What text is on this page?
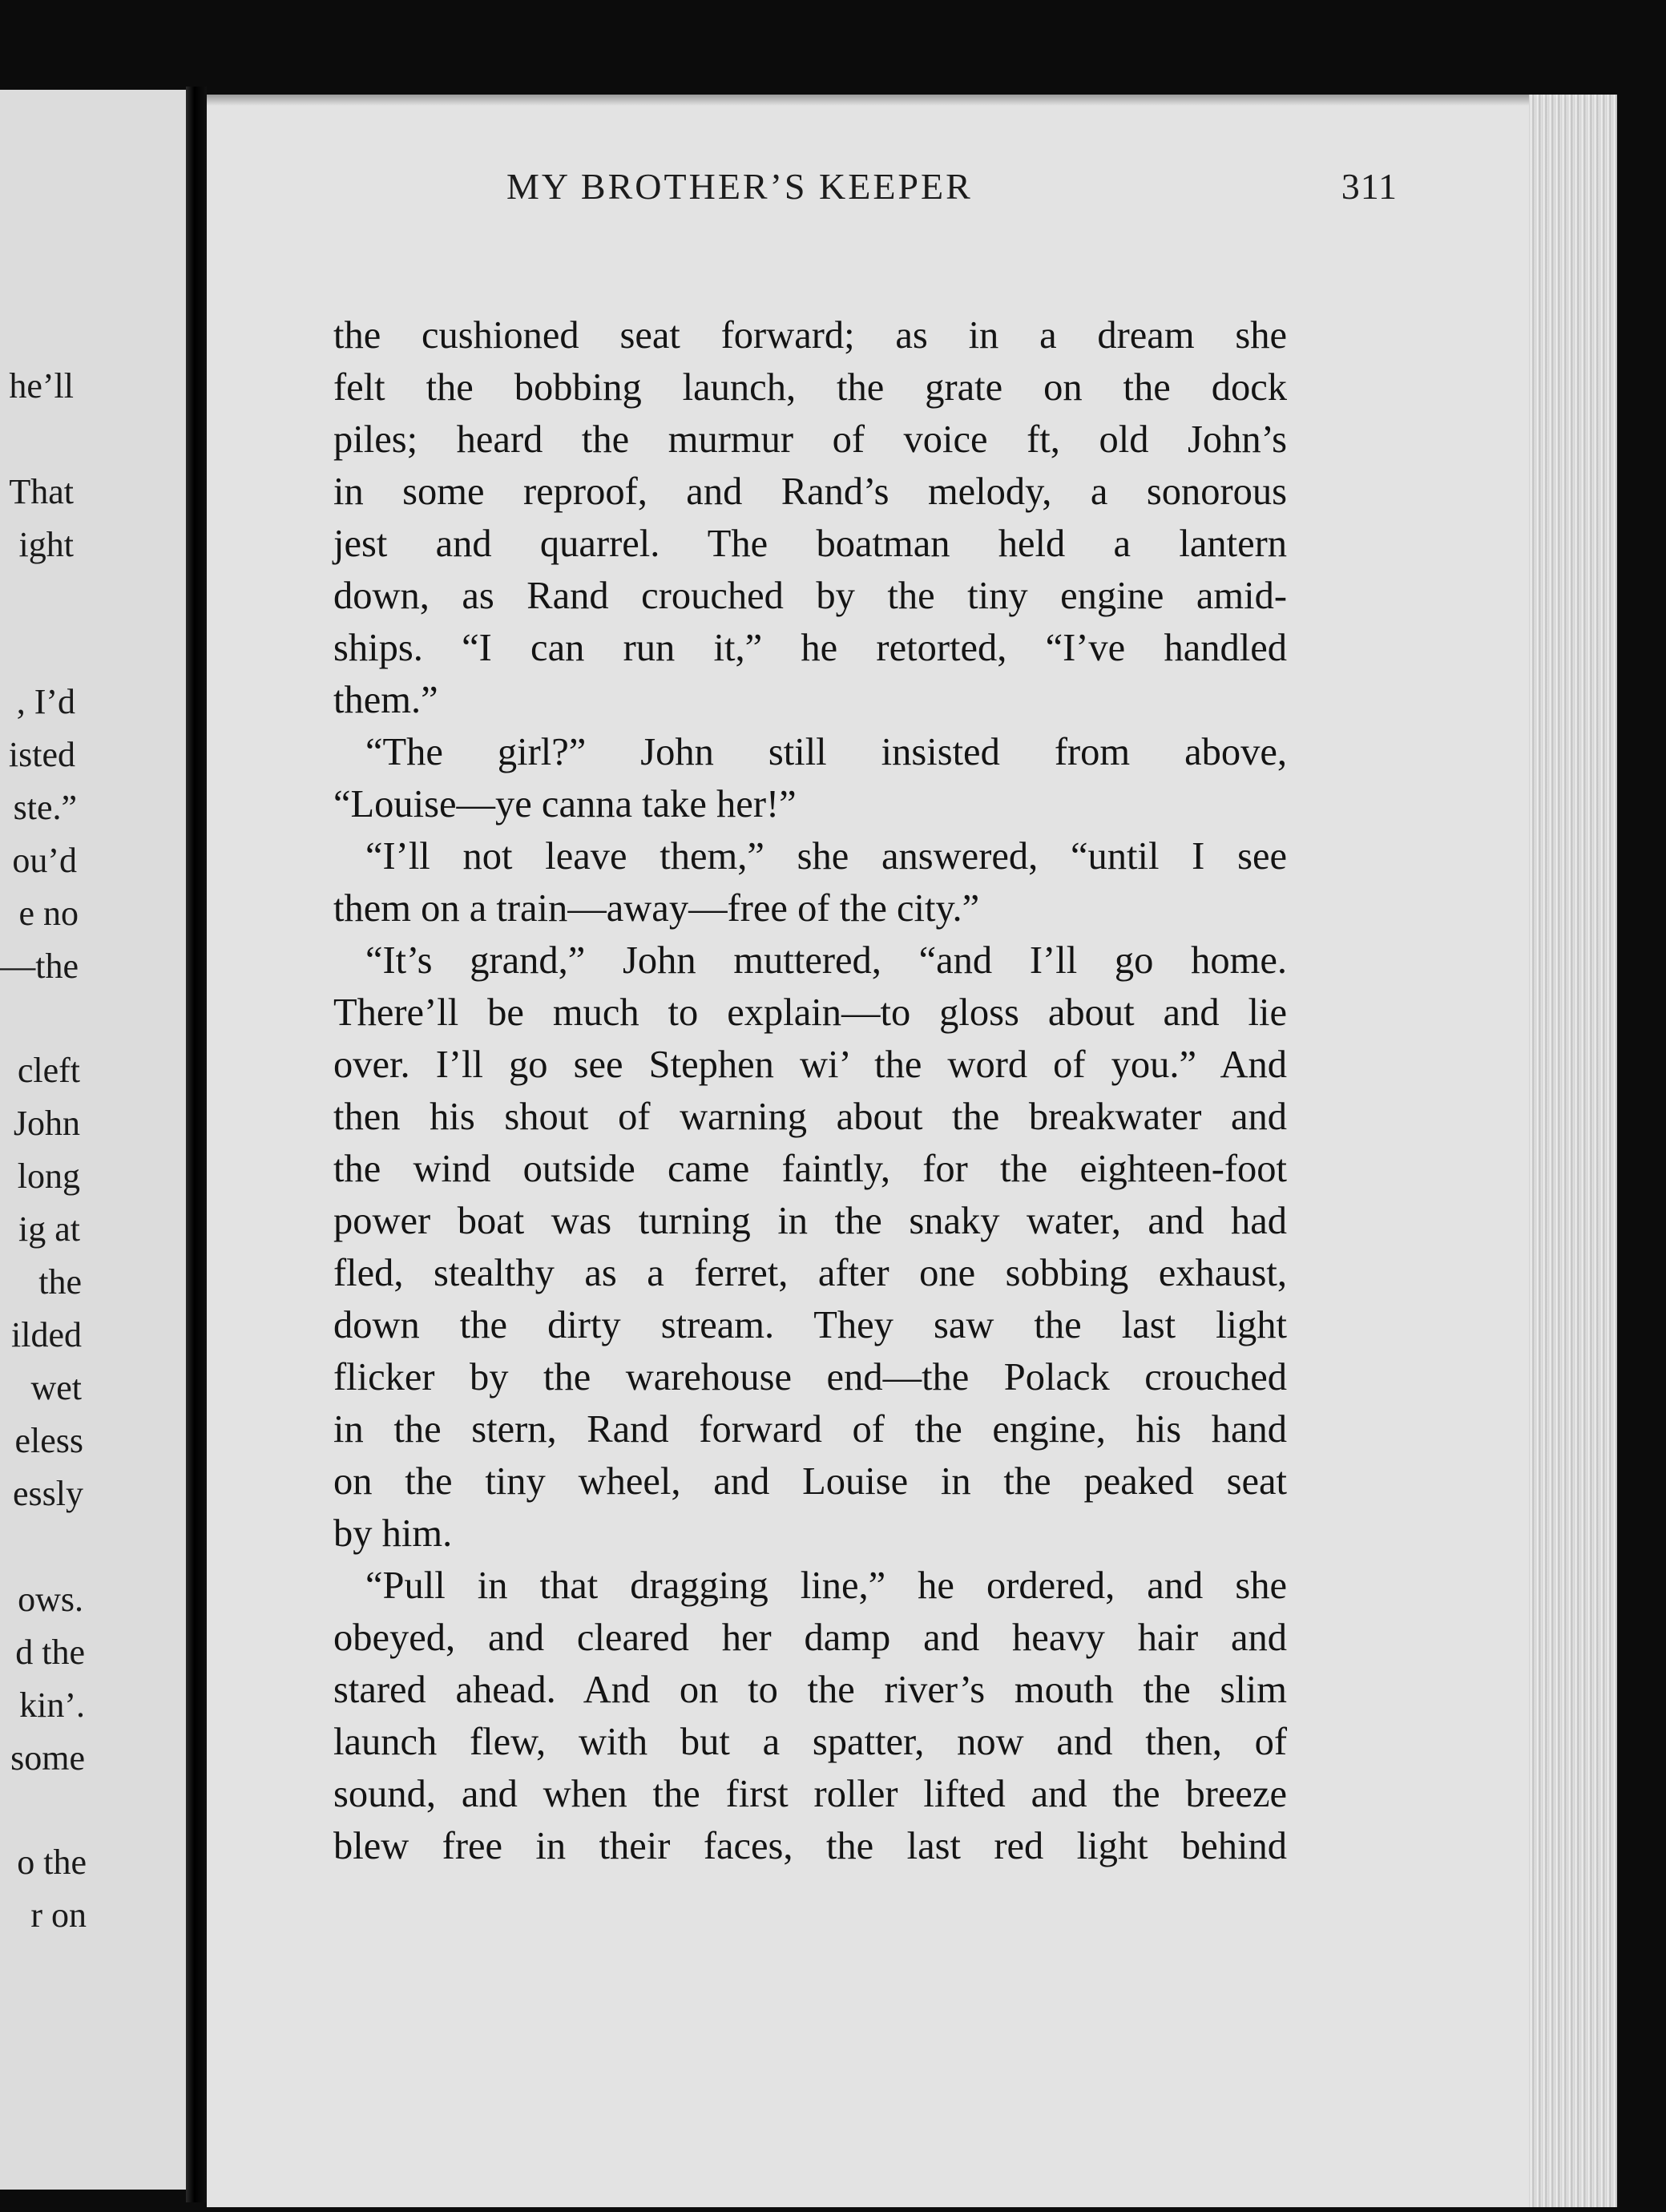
he’ll
That
ight
, I’d
isted
ste.”
ou’d
e no
—the
cleft
John
long
ig at
the
ilded
wet
eless
essly
ows.
d the
kin’.
some
o the
r on
MY BROTHER’S KEEPER	311
the cushioned seat forward; as in a dream she
felt the bobbing launch, the grate on the dock
piles; heard the murmur of voice ft, old John’s
in some reproof, and Rand’s melody, a sonorous
jest and quarrel. The boatman held a lantern
down, as Rand crouched by the tiny engine amid-
ships. “I can run it,” he retorted, “I’ve handled
them.”
“The girl?” John still insisted from above,
“Louise—ye canna take her!”
“I’ll not leave them,” she answered, “until I see
them on a train—away—free of the city.”
“It’s grand,” John muttered, “and I’ll go home.
There’ll be much to explain—to gloss about and lie
over. I’ll go see Stephen wi’ the word of you.” And
then his shout of warning about the breakwater and
the wind outside came faintly, for the eighteen-foot
power boat was turning in the snaky water, and had
fled, stealthy as a ferret, after one sobbing exhaust,
down the dirty stream. They saw the last light
flicker by the warehouse end—the Polack crouched
in the stern, Rand forward of the engine, his hand
on the tiny wheel, and Louise in the peaked seat
by him.
“Pull in that dragging line,” he ordered, and she
obeyed, and cleared her damp and heavy hair and
stared ahead. And on to the river’s mouth the slim
launch flew, with but a spatter, now and then, of
sound, and when the first roller lifted and the breeze
blew free in their faces, the last red light behind
